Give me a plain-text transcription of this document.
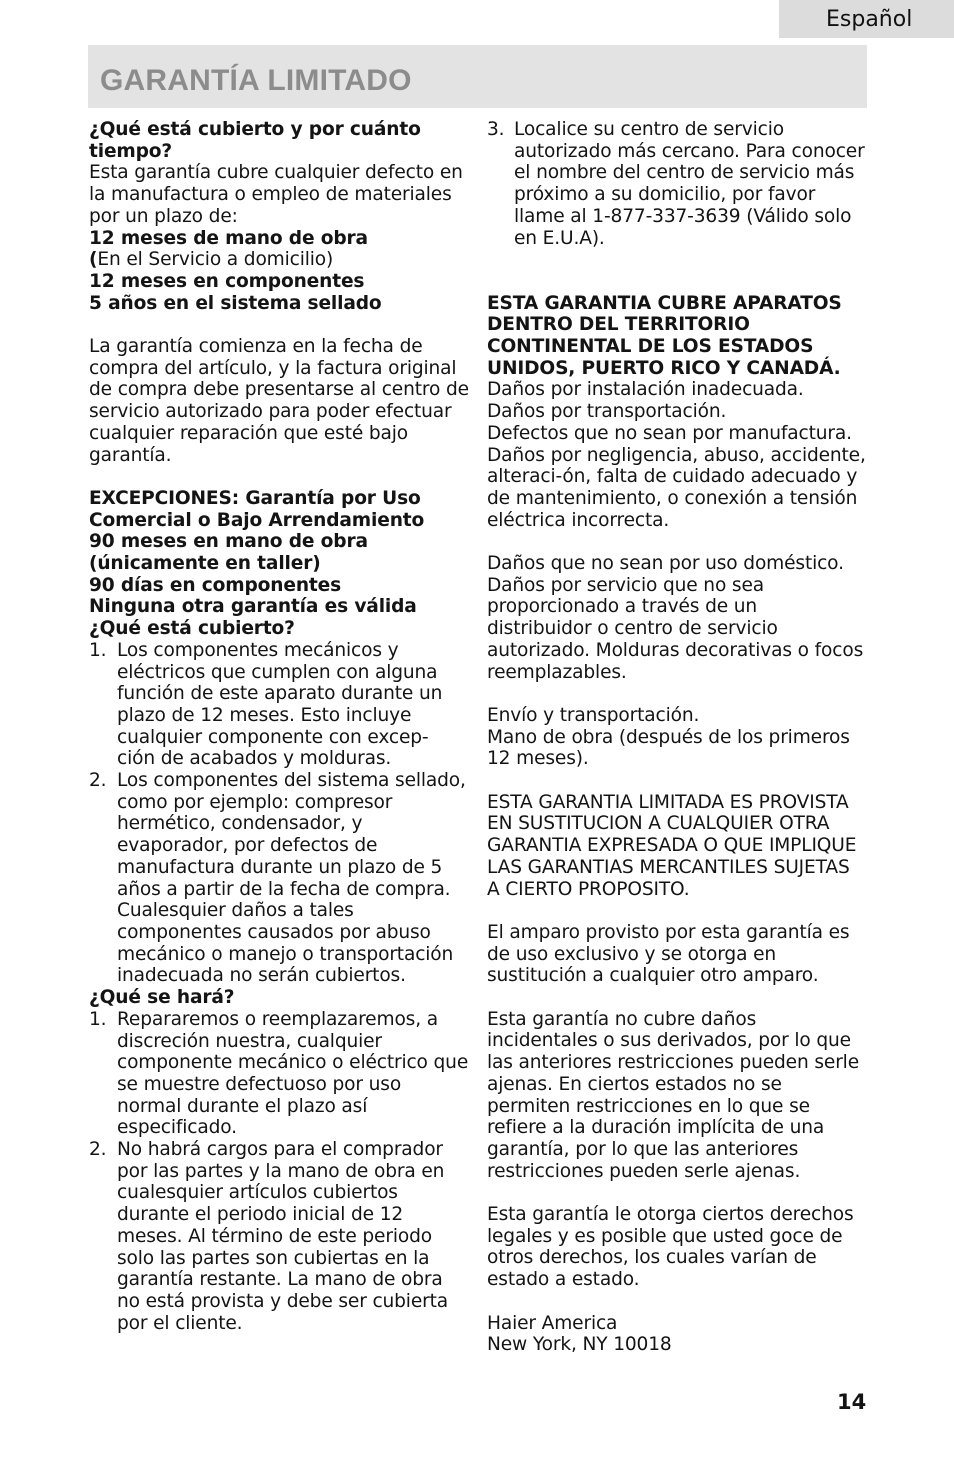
Español
GARANTÍA LIMITADO

¿Qué está cubierto y por cuánto tiempo?

Esta garantía cubre cualquier defecto en la manufactura o empleo de materiales por un plazo de:

12 meses de mano de obra

(En el Servicio a domicilio)

12 meses en componentes

5 años en el sistema sellado

La garantía comienza en la fecha de compra del artículo, y la factura original de compra debe presentarse al centro de servicio autorizado para poder efectuar cualquier reparación que esté bajo garantía.

EXCEPCIONES: Garantía por Uso Comercial o Bajo Arrendamiento

90 meses en mano de obra (únicamente en taller)

90 días en componentes

Ninguna otra garantía es válida

¿Qué está cubierto?

1. Los componentes mecánicos y eléctricos que cumplen con alguna función de este aparato durante un plazo de 12 meses. Esto incluye cualquier componente con excep- ción de acabados y molduras.
2. Los componentes del sistema sellado, como por ejemplo: compresor hermético, condensador, y evaporador, por defectos de manufactura durante un plazo de 5 años a partir de la fecha de compra. Cualesquier daños a tales componentes causados por abuso mecánico o manejo o transportación inadecuada no serán cubiertos.

¿Qué se hará?

1. Repararemos o reemplazaremos, a discreción nuestra, cualquier componente mecánico o eléctrico que se muestre defectuoso por uso normal durante el plazo así especificado.
2. No habrá cargos para el comprador por las partes y la mano de obra en cualesquier artículos cubiertos durante el periodo inicial de 12 meses. Al término de este periodo solo las partes son cubiertas en la garantía restante. La mano de obra no está provista y debe ser cubierta por el cliente.
3. Localice su centro de servicio autorizado más cercano. Para conocer el nombre del centro de servicio más próximo a su domicilio, por favor llame al 1-877-337-3639 (Válido solo en E.U.A).

ESTA GARANTIA CUBRE APARATOS DENTRO DEL TERRITORIO CONTINENTAL DE LOS ESTADOS UNIDOS, PUERTO RICO Y CANADÁ.

Daños por instalación inadecuada.

Daños por transportación.

Defectos que no sean por manufactura.

Daños por negligencia, abuso, accidente, alteraci-ón, falta de cuidado adecuado y de mantenimiento, o conexión a tensión eléctrica incorrecta.

Daños que no sean por uso doméstico.

Daños por servicio que no sea proporcionado a través de un distribuidor o centro de servicio autorizado. Molduras decorativas o focos reemplazables.

Envío y transportación.

Mano de obra (después de los primeros 12 meses).

ESTA GARANTIA LIMITADA ES PROVISTA EN SUSTITUCION A CUALQUIER OTRA GARANTIA EXPRESADA O QUE IMPLIQUE LAS GARANTIAS MERCANTILES SUJETAS A CIERTO PROPOSITO.

El amparo provisto por esta garantía es de uso exclusivo y se otorga en sustitución a cualquier otro amparo.

Esta garantía no cubre daños incidentales o sus derivados, por lo que las anteriores restricciones pueden serle ajenas. En ciertos estados no se permiten restricciones en lo que se refiere a la duración implícita de una garantía, por lo que las anteriores restricciones pueden serle ajenas.

Esta garantía le otorga ciertos derechos legales y es posible que usted goce de otros derechos, los cuales varían de estado a estado.

Haier America

New York, NY 10018

14
